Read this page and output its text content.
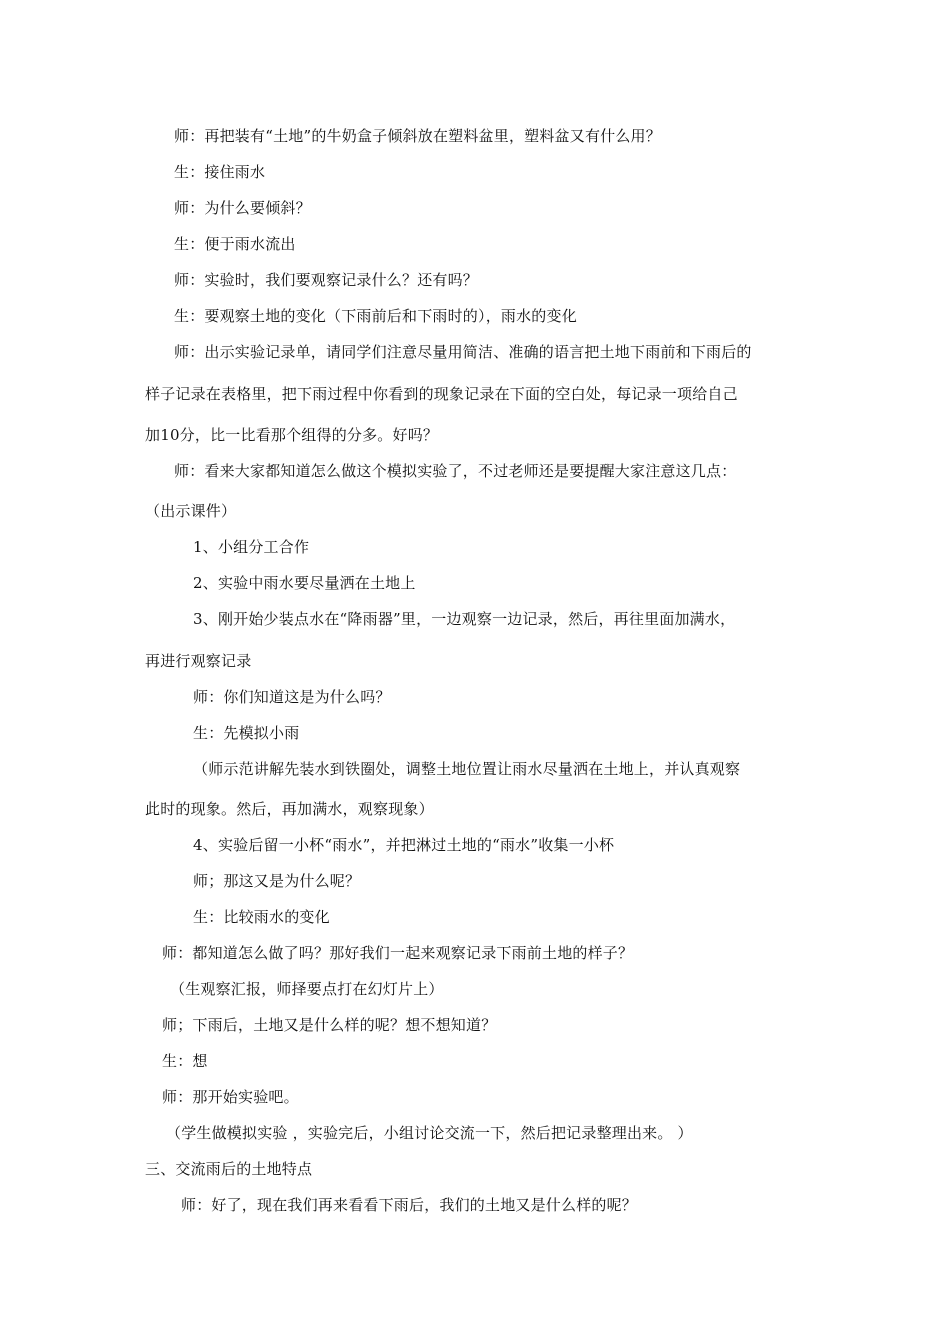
师：再把装有“土地”的牛奶盒子倾斜放在塑料盆里，塑料盆又有什么用？
生：接住雨水
师：为什么要倾斜？
生：便于雨水流出
师：实验时，我们要观察记录什么？还有吗？
生：要观察土地的变化（下雨前后和下雨时的），雨水的变化
师：出示实验记录单，请同学们注意尽量用简洁、准确的语言把土地下雨前和下雨后的
样子记录在表格里，把下雨过程中你看到的现象记录在下面的空白处，每记录一项给自己
加10分，比一比看那个组得的分多。好吗？
师：看来大家都知道怎么做这个模拟实验了，不过老师还是要提醒大家注意这几点：
（出示课件）
1、小组分工合作
2、实验中雨水要尽量洒在土地上
3、刚开始少装点水在“降雨器”里，一边观察一边记录，然后，再往里面加满水，
再进行观察记录
师：你们知道这是为什么吗？
生：先模拟小雨
（师示范讲解先装水到铁圈处，调整土地位置让雨水尽量洒在土地上，并认真观察
此时的现象。然后，再加满水，观察现象）
4、实验后留一小杯“雨水”，并把淋过土地的“雨水”收集一小杯
师；那这又是为什么呢？
生：比较雨水的变化
师：都知道怎么做了吗？那好我们一起来观察记录下雨前土地的样子？
（生观察汇报，师择要点打在幻灯片上）
师；下雨后，土地又是什么样的呢？想不想知道？
生：想
师：那开始实验吧。
（学生做模拟实验 ，实验完后，小组讨论交流一下，然后把记录整理出来。 ）
三、交流雨后的土地特点
师：好了，现在我们再来看看下雨后，我们的土地又是什么样的呢？
